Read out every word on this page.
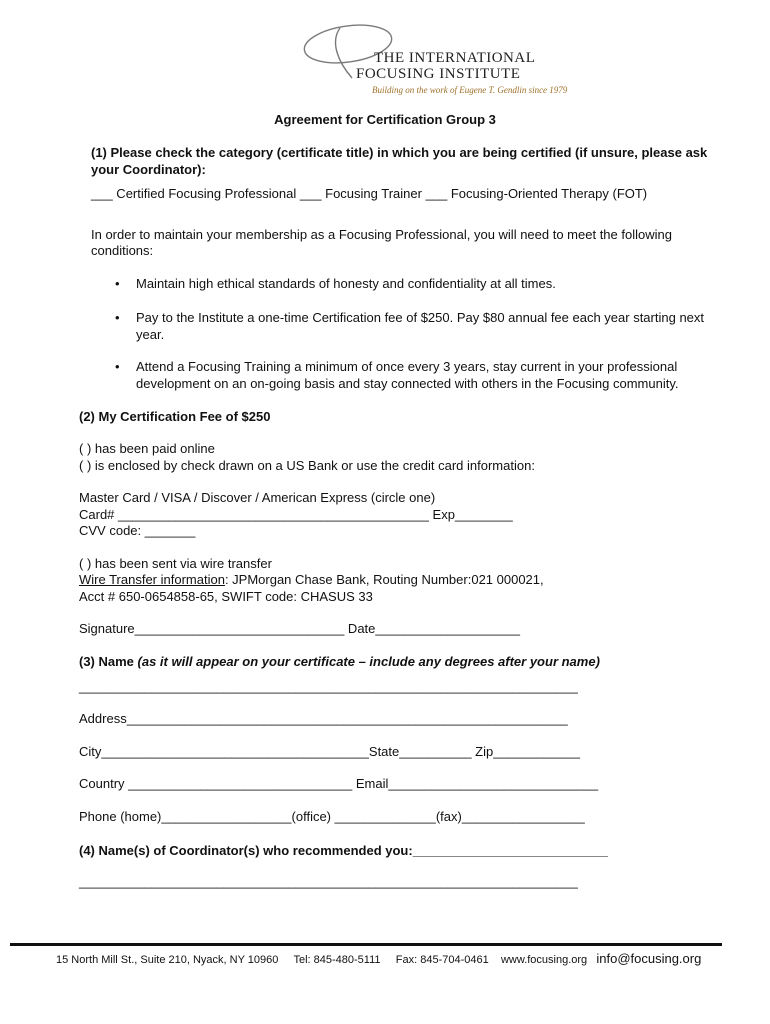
THE INTERNATIONAL
FOCUSING INSTITUTE
Building on the work of Eugene T. Gendlin since 1979
Agreement for Certification Group 3
(1) Please check the category (certificate title) in which you are being certified (if unsure, please ask
your Coordinator):
___ Certified Focusing Professional ___ Focusing Trainer ___ Focusing-Oriented Therapy (FOT)
In order to maintain your membership as a Focusing Professional, you will need to meet the following
conditions:
• Maintain high ethical standards of honesty and confidentiality at all times.
• Pay to the Institute a one-time Certification fee of $250. Pay $80 annual fee each year starting next
year.
• Attend a Focusing Training a minimum of once every 3 years, stay current in your professional
development on an on-going basis and stay connected with others in the Focusing community.
(2) My Certification Fee of $250
( ) has been paid online
( ) is enclosed by check drawn on a US Bank or use the credit card information:
Master Card / VISA / Discover / American Express (circle one)
Card# ___________________________________________ Exp________
CVV code: _______
( ) has been sent via wire transfer
Wire Transfer information: JPMorgan Chase Bank, Routing Number:021 000021,
Acct # 650-0654858-65, SWIFT code: CHASUS 33
Signature_____________________________ Date____________________
(3) Name (as it will appear on your certificate – include any degrees after your name)
_____________________________________________________________________
Address_____________________________________________________________
City_____________________________________State__________ Zip____________
Country _______________________________ Email_____________________________
Phone (home)__________________(office) ______________(fax)_________________
(4) Name(s) of Coordinator(s) who recommended you:___________________________
_____________________________________________________________________
15 North Mill St., Suite 210, Nyack, NY 10960 Tel: 845-480-5111 Fax: 845-704-0461 www.focusing.org info@focusing.org
